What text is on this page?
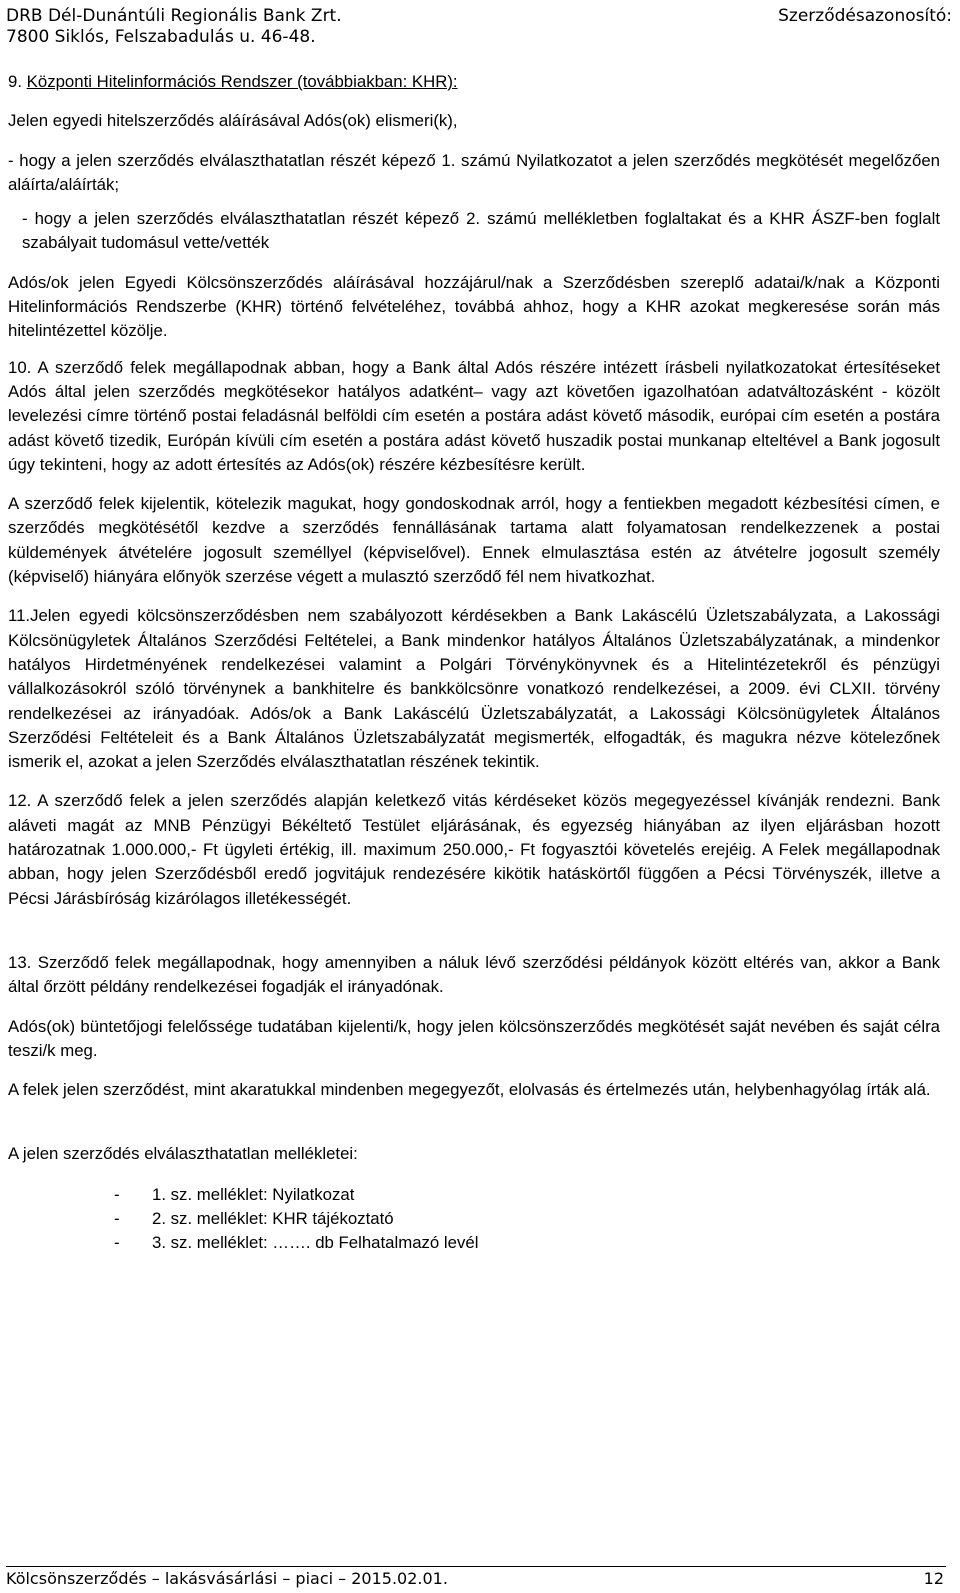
DRB Dél-Dunántúli Regionális Bank Zrt.	Szerződésazonosító:
7800 Siklós, Felszabadulás u. 46-48.

9. Központi Hitelinformációs Rendszer (továbbiakban: KHR):

Jelen egyedi hitelszerződés aláírásával Adós(ok) elismeri(k),

- hogy a jelen szerződés elválaszthatatlan részét képező 1. számú Nyilatkozatot a jelen szerződés megkötését megelőzően aláírta/aláírták;

- hogy a jelen szerződés elválaszthatatlan részét képező 2. számú mellékletben foglaltakat és a KHR ÁSZF-ben foglalt szabályait tudomásul vette/vették

Adós/ok jelen Egyedi Kölcsönszerződés aláírásával hozzájárul/nak a Szerződésben szereplő adatai/k/nak a Központi Hitelinformációs Rendszerbe (KHR) történő felvételéhez, továbbá ahhoz, hogy a KHR azokat megkeresése során más hitelintézettel közölje.

10. A szerződő felek megállapodnak abban, hogy a Bank által Adós részére intézett írásbeli nyilatkozatokat értesítéseket Adós által jelen szerződés megkötésekor hatályos adatként– vagy azt követően igazolhatóan adatváltozásként - közölt levelezési címre történő postai feladásnál belföldi cím esetén a postára adást követő második, európai cím esetén a postára adást követő tizedik, Európán kívüli cím esetén a postára adást követő huszadik postai munkanap elteltével a Bank jogosult úgy tekinteni, hogy az adott értesítés az Adós(ok) részére kézbesítésre került.

A szerződő felek kijelentik, kötelezik magukat, hogy gondoskodnak arról, hogy a fentiekben megadott kézbesítési címen, e szerződés megkötésétől kezdve a szerződés fennállásának tartama alatt folyamatosan rendelkezzenek a postai küldemények átvételére jogosult személlyel (képviselővel). Ennek elmulasztása estén az átvételre jogosult személy (képviselő) hiányára előnyök szerzése végett a mulasztó szerződő fél nem hivatkozhat.

11.Jelen egyedi kölcsönszerződésben nem szabályozott kérdésekben a Bank Lakáscélú Üzletszabályzata, a Lakossági Kölcsönügyletek Általános Szerződési Feltételei, a Bank mindenkor hatályos Általános Üzletszabályzatának, a mindenkor hatályos Hirdetményének rendelkezései valamint a Polgári Törvénykönyvnek és a Hitelintézetekről és pénzügyi vállalkozásokról szóló törvénynek a bankhitelre és bankkölcsönre vonatkozó rendelkezései, a 2009. évi CLXII. törvény rendelkezései az irányadóak. Adós/ok a Bank Lakáscélú Üzletszabályzatát, a Lakossági Kölcsönügyletek Általános Szerződési Feltételeit és a Bank Általános Üzletszabályzatát megismerték, elfogadták, és magukra nézve kötelezőnek ismerik el, azokat a jelen Szerződés elválaszthatatlan részének tekintik.

12. A szerződő felek a jelen szerződés alapján keletkező vitás kérdéseket közös megegyezéssel kívánják rendezni. Bank aláveti magát az MNB Pénzügyi Békéltető Testület eljárásának, és egyezség hiányában az ilyen eljárásban hozott határozatnak 1.000.000,- Ft ügyleti értékig, ill. maximum 250.000,- Ft fogyasztói követelés erejéig. A Felek megállapodnak abban, hogy jelen Szerződésből eredő jogvitájuk rendezésére kikötik hatáskörtől függően a Pécsi Törvényszék, illetve a Pécsi Járásbíróság kizárólagos illetékességét.

13. Szerződő felek megállapodnak, hogy amennyiben a náluk lévő szerződési példányok között eltérés van, akkor a Bank által őrzött példány rendelkezései fogadják el irányadónak.

Adós(ok) büntetőjogi felelőssége tudatában kijelenti/k, hogy jelen kölcsönszerződés megkötését saját nevében és saját célra teszi/k meg.

A felek jelen szerződést, mint akaratukkal mindenben megegyezőt, elolvasás és értelmezés után, helybenhagyólag írták alá.

A jelen szerződés elválaszthatatlan mellékletei:

-	1. sz. melléklet: Nyilatkozat
-	2. sz. melléklet: KHR tájékoztató
-	3. sz. melléklet: ……. db Felhatalmazó levél
Kölcsönszerződés – lakásvásárlási – piaci – 2015.02.01.	12
